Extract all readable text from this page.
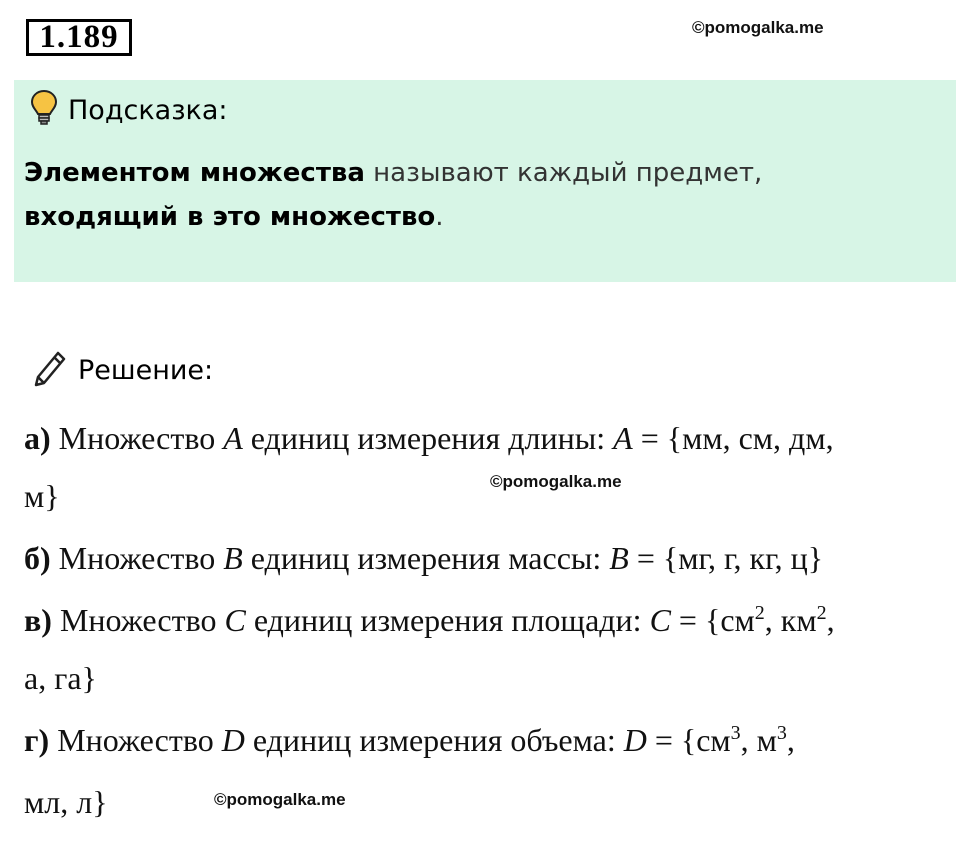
1.189	©pomogalka.me
Подсказка:
Элементом множества называют каждый предмет,
входящий в это множество.
Решение:
а) Множество A единиц измерения длины: A = {мм, см, дм,
м}	©pomogalka.me
б) Множество B единиц измерения массы: B = {мг, г, кг, ц}
в) Множество C единиц измерения площади: $C = \{см^2$, $км^2$,
а, га}
г) Множество D единиц измерения объема: $D = \{см^3$, $м^3$,
мл, л}	©pomogalka.me
